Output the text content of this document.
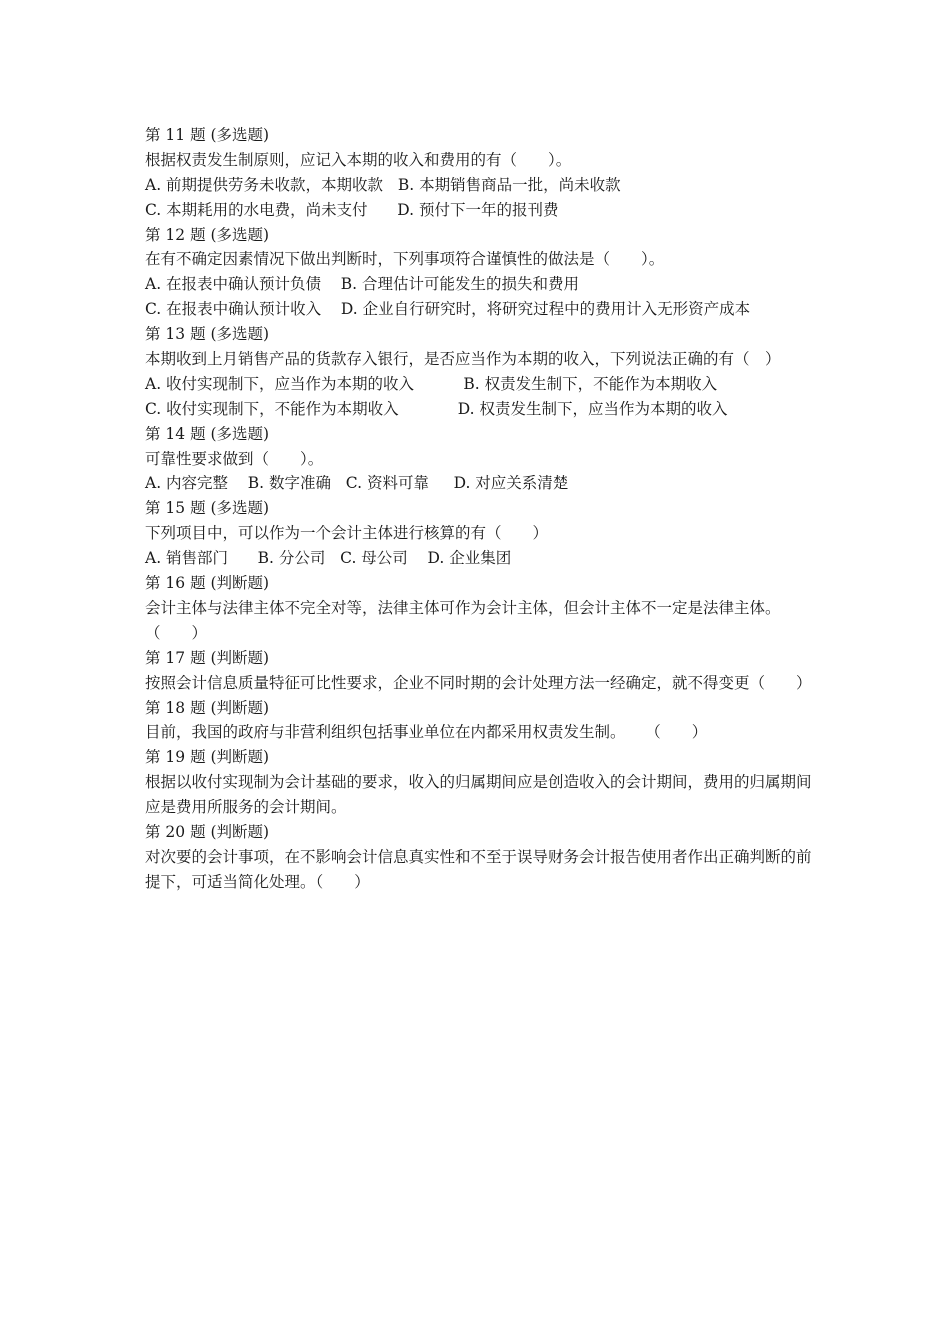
第 11 题 (多选题)
根据权责发生制原则，应记入本期的收入和费用的有（　　）。
A. 前期提供劳务未收款，本期收款   B. 本期销售商品一批，尚未收款
C. 本期耗用的水电费，尚未支付      D. 预付下一年的报刊费
第 12 题 (多选题)
在有不确定因素情况下做出判断时，下列事项符合谨慎性的做法是（　　）。
A. 在报表中确认预计负债    B. 合理估计可能发生的损失和费用
C. 在报表中确认预计收入    D. 企业自行研究时，将研究过程中的费用计入无形资产成本
第 13 题 (多选题)
本期收到上月销售产品的货款存入银行，是否应当作为本期的收入，下列说法正确的有（　）
A. 收付实现制下，应当作为本期的收入          B. 权责发生制下，不能作为本期收入
C. 收付实现制下，不能作为本期收入            D. 权责发生制下，应当作为本期的收入
第 14 题 (多选题)
可靠性要求做到（　　）。
A. 内容完整    B. 数字准确   C. 资料可靠     D. 对应关系清楚
第 15 题 (多选题)
下列项目中，可以作为一个会计主体进行核算的有（　　）
A. 销售部门      B. 分公司   C. 母公司    D. 企业集团
第 16 题 (判断题)
会计主体与法律主体不完全对等，法律主体可作为会计主体，但会计主体不一定是法律主体。（　　）
第 17 题 (判断题)
按照会计信息质量特征可比性要求，企业不同时期的会计处理方法一经确定，就不得变更（　　）
第 18 题 (判断题)
目前，我国的政府与非营利组织包括事业单位在内都采用权责发生制。    （　　）
第 19 题 (判断题)
根据以收付实现制为会计基础的要求，收入的归属期间应是创造收入的会计期间，费用的归属期间应是费用所服务的会计期间。
第 20 题 (判断题)
对次要的会计事项，在不影响会计信息真实性和不至于误导财务会计报告使用者作出正确判断的前提下，可适当简化处理。（　　）
